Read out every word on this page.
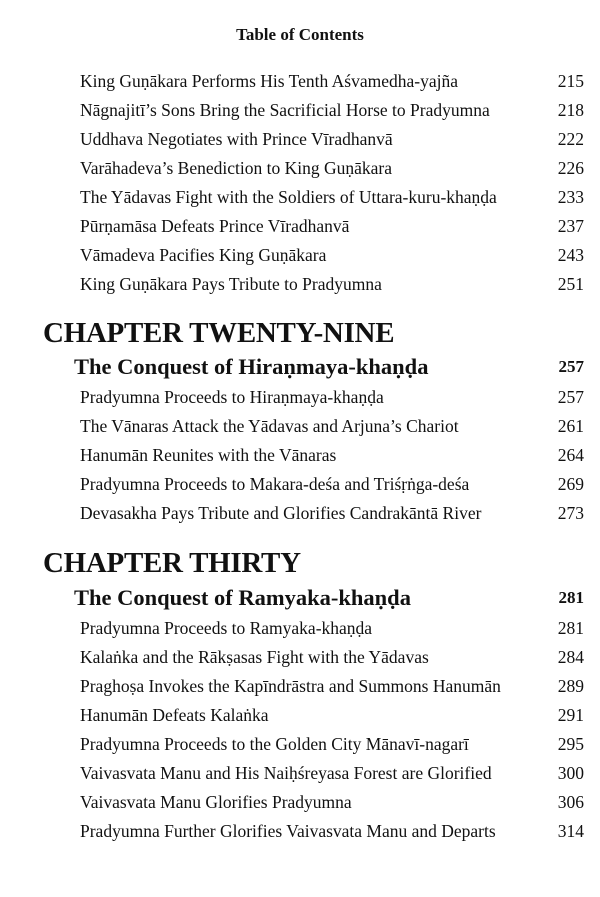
Table of Contents
King Guṇākara Performs His Tenth Aśvamedha-yajña	215
Nāgnajitī’s Sons Bring the Sacrificial Horse to Pradyumna	218
Uddhava Negotiates with Prince Vīradhanvā	222
Varāhadeva’s Benediction to King Guṇākara	226
The Yādavas Fight with the Soldiers of Uttara-kuru-khaṇḍa	233
Pūrṇamāsa Defeats Prince Vīradhanvā	237
Vāmadeva Pacifies King Guṇākara	243
King Guṇākara Pays Tribute to Pradyumna	251
CHAPTER TWENTY-NINE
The Conquest of Hiraṇmaya-khaṇḍa	257
Pradyumna Proceeds to Hiraṇmaya-khaṇḍa	257
The Vānaras Attack the Yādavas and Arjuna’s Chariot	261
Hanumān Reunites with the Vānaras	264
Pradyumna Proceeds to Makara-deśa and Triśṛṅga-deśa	269
Devasakha Pays Tribute and Glorifies Candrakāntā River	273
CHAPTER THIRTY
The Conquest of Ramyaka-khaṇḍa	281
Pradyumna Proceeds to Ramyaka-khaṇḍa	281
Kalaṅka and the Rākṣasas Fight with the Yādavas	284
Praghoṣa Invokes the Kapīndrāstra and Summons Hanumān	289
Hanumān Defeats Kalaṅka	291
Pradyumna Proceeds to the Golden City Mānavī-nagarī	295
Vaivasvata Manu and His Naiḥśreyasa Forest are Glorified	300
Vaivasvata Manu Glorifies Pradyumna	306
Pradyumna Further Glorifies Vaivasvata Manu and Departs	314
